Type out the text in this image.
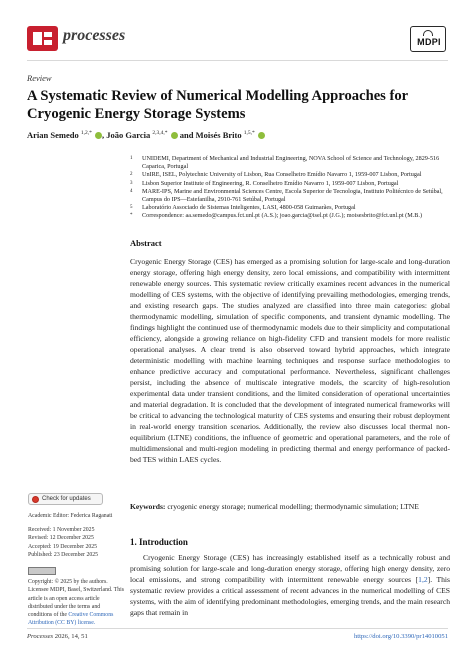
processes	MDPI
Review
A Systematic Review of Numerical Modelling Approaches for Cryogenic Energy Storage Systems
Arian Semedo $^{1,2,*}$ , João Garcia $^{2,3,4,*}$  and Moisés Brito $^{1,5,*}$
1	UNIDEMI, Department of Mechanical and Industrial Engineering, NOVA School of Science and Technology, 2829-516 Caparica, Portugal
2	UnIRE, ISEL, Polytechnic University of Lisbon, Rua Conselheiro Emídio Navarro 1, 1959-007 Lisbon, Portugal
3	Lisbon Superior Institute of Engineering, R. Conselheiro Emídio Navarro 1, 1959-007 Lisbon, Portugal
4	MARE-IPS, Marine and Environmental Sciences Centre, Escola Superior de Tecnologia, Instituto Politécnico de Setúbal, Campus do IPS—Estefanilha, 2910-761 Setúbal, Portugal
5	Laboratório Associado de Sistemas Inteligentes, LASI, 4800-058 Guimarães, Portugal
*	Correspondence: aa.semedo@campus.fct.unl.pt (A.S.); joao.garcia@isel.pt (J.G.); moisesbrito@fct.unl.pt (M.B.)
Abstract
Cryogenic Energy Storage (CES) has emerged as a promising solution for large-scale and long-duration energy storage, offering high energy density, zero local emissions, and compatibility with intermittent renewable energy sources. This systematic review critically examines recent advances in the numerical modelling of CES systems, with the objective of identifying prevailing methodologies, emerging trends, and existing research gaps. The studies analyzed are classified into three main categories: global thermodynamic modelling, simulation of specific components, and transient dynamic modelling. The findings highlight the continued use of thermodynamic models due to their simplicity and computational efficiency, alongside a growing reliance on high-fidelity CFD and transient models for more realistic operational analyses. A clear trend is also observed toward hybrid approaches, which integrate deterministic modelling with machine learning techniques and response surface methodologies to enhance predictive accuracy and computational performance. Nevertheless, significant challenges persist, including the absence of multiscale integrative models, the scarcity of high-resolution experimental data under transient conditions, and the limited consideration of operational uncertainties and material degradation. It is concluded that the development of integrated numerical frameworks will be critical to advancing the technological maturity of CES systems and ensuring their robust deployment in real-world energy transition scenarios. Additionally, the review also discusses local thermal non-equilibrium (LTNE) conditions, the influence of geometric and operational parameters, and the role of multidimensional and multi-region modeling in predicting thermal and energy performance of packed-bed TES within LAES cycles.
Keywords: cryogenic energy storage; numerical modelling; thermodynamic simulation; LTNE
Check for updates
Academic Editor: Federica Raganati
Received: 1 November 2025
Revised: 12 December 2025
Accepted: 19 December 2025
Published: 23 December 2025

Copyright: © 2025 by the authors. Licensee MDPI, Basel, Switzerland. This article is an open access article distributed under the terms and conditions of the Creative Commons Attribution (CC BY) license.
1. Introduction
Cryogenic Energy Storage (CES) has increasingly established itself as a technically robust and promising solution for large-scale and long-duration energy storage, offering high energy density, zero local emissions, and strong compatibility with intermittent renewable energy sources [1,2]. This systematic review provides a critical assessment of recent advances in the numerical modelling of CES systems, with the aim of identifying predominant methodologies, emerging trends, and the main research gaps that remain in
Processes 2026, 14, 51	https://doi.org/10.3390/pr14010051
